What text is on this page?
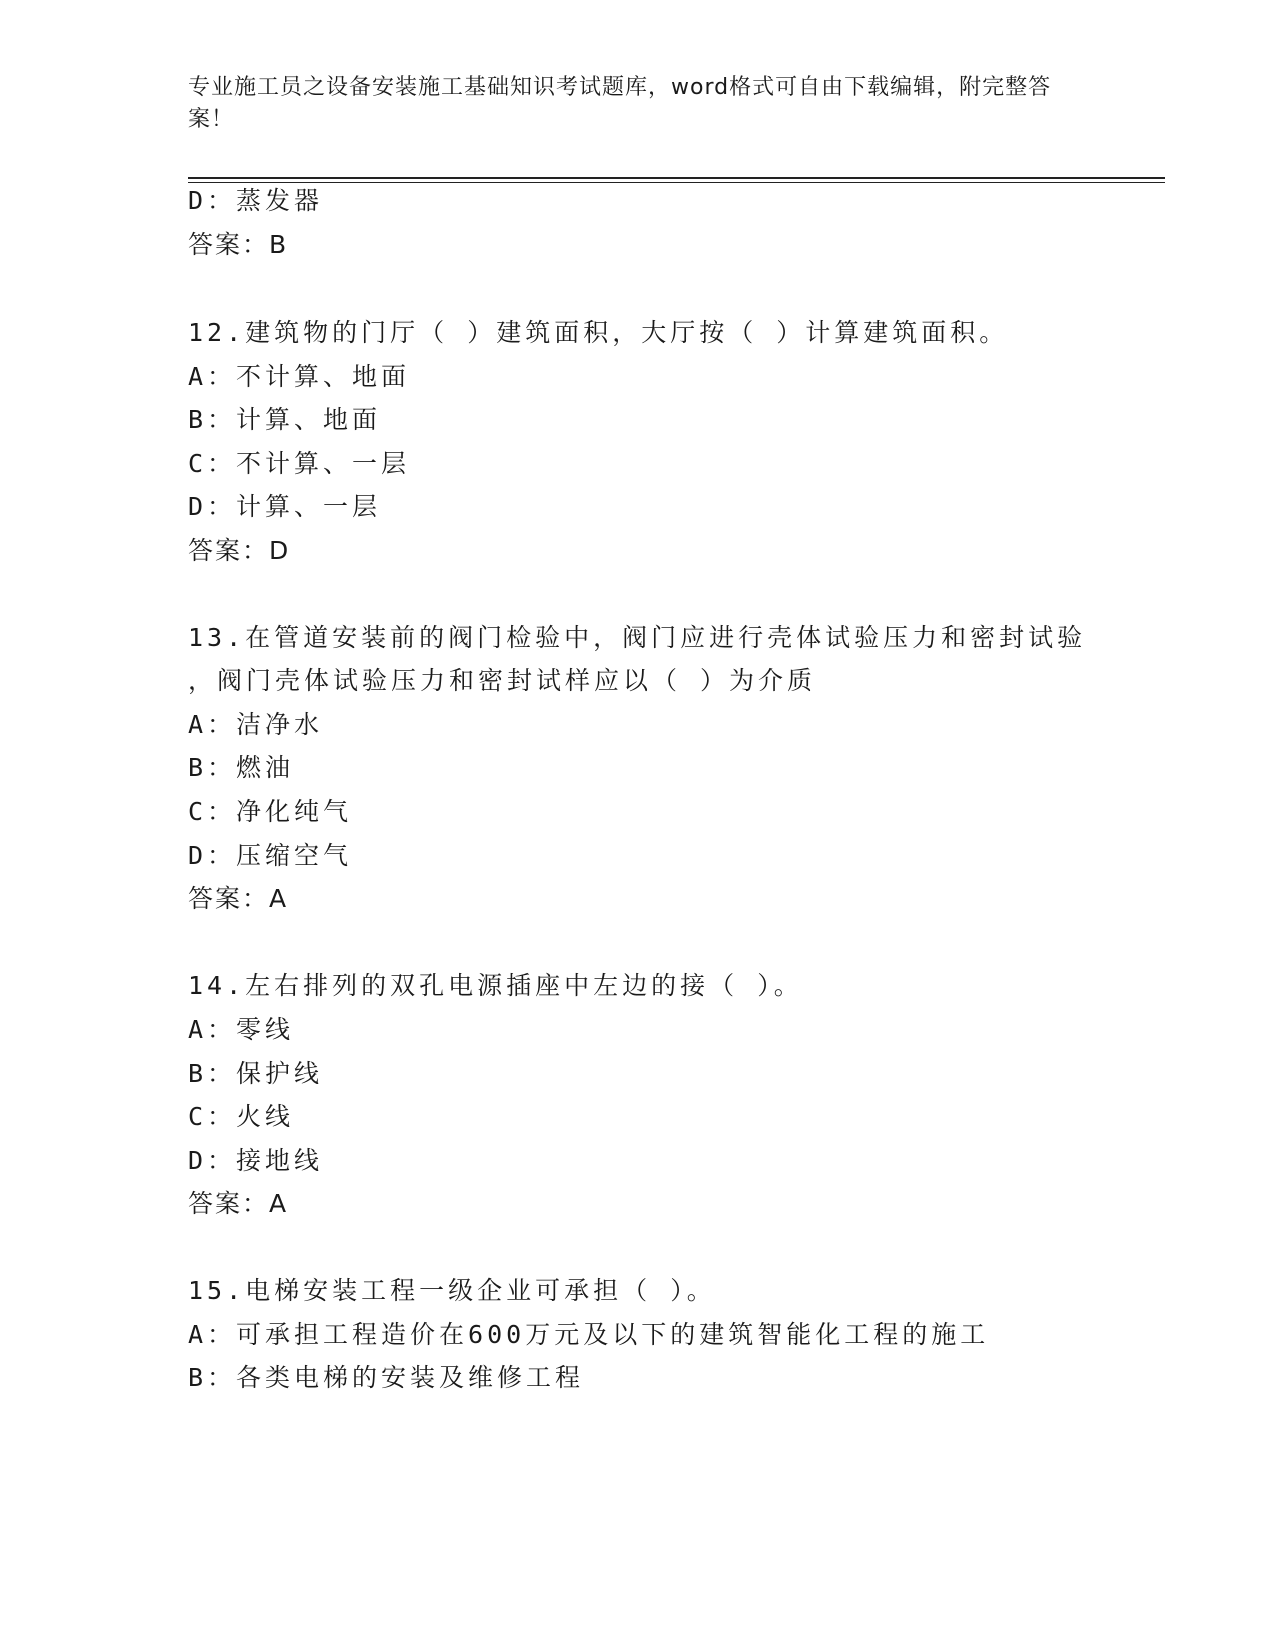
专业施工员之设备安装施工基础知识考试题库，word格式可自由下载编辑，附完整答案！
D：蒸发器
答案：B
12.建筑物的门厅（ ）建筑面积，大厅按（ ）计算建筑面积。
A：不计算、地面
B：计算、地面
C：不计算、一层
D：计算、一层
答案：D
13.在管道安装前的阀门检验中，阀门应进行壳体试验压力和密封试验
，阀门壳体试验压力和密封试样应以（ ）为介质
A：洁净水
B：燃油
C：净化纯气
D：压缩空气
答案：A
14.左右排列的双孔电源插座中左边的接（ ）。
A：零线
B：保护线
C：火线
D：接地线
答案：A
15.电梯安装工程一级企业可承担（ ）。
A：可承担工程造价在600万元及以下的建筑智能化工程的施工
B：各类电梯的安装及维修工程
